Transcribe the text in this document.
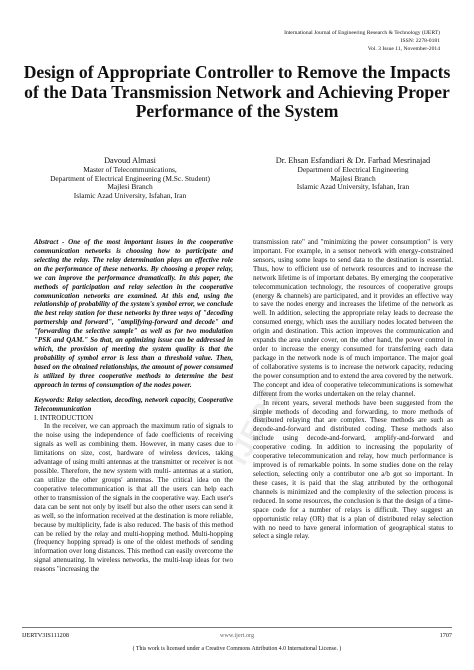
International Journal of Engineering Research & Technology (IJERT)
ISSN: 2278-0181
Vol. 3 Issue 11, November-2014
Design of Appropriate Controller to Remove the Impacts of the Data Transmission Network and Achieving Proper Performance of the System
Davoud Almasi
Master of Telecommunications,
Department of Electrical Engineering (M.Sc. Student)
Majlesi Branch
Islamic Azad University, Isfahan, Iran
Dr. Ehsan Esfandiari & Dr. Farhad Mesrinajad
Department of Electrical Engineering
Majlesi Branch
Islamic Azad University, Isfahan, Iran
IJERT

Abstract - One of the most important issues in the cooperative communication networks is choosing how to participate and selecting the relay. The relay determination plays an effective role on the performance of these networks. By choosing a proper relay, we can improve the performance dramatically. In this paper, the methods of participation and relay selection in the cooperative communication networks are examined. At this end, using the relationship of probability of the system's symbol error, we conclude the best relay station for these networks by three ways of "decoding partnership and forward", "amplifying-forward and decode" and "forwarding the selective sample" as well as for two modulation "PSK and QAM." So that, an optimizing issue can be addressed in which, the provision of meeting the system quality is that the probability of symbol error is less than a threshold value. Then, based on the obtained relationships, the amount of power consumed is utilized by three cooperative methods to determine the best approach in terms of consumption of the nodes power.

Keywords: Relay selection, decoding, network capacity, Cooperative Telecommunication

I. INTRODUCTION

In the receiver, we can approach the maximum ratio of signals to the noise using the independence of fade coefficients of receiving signals as well as combining them. However, in many cases due to limitations on size, cost, hardware of wireless devices, taking advantage of using multi antennas at the transmitter or receiver is not possible. Therefore, the new system with multi- antennas at a station, can utilize the other groups' antennas. The critical idea on the cooperative telecommunication is that all the users can help each other to transmission of the signals in the cooperative way. Each user's data can be sent not only by itself but also the other users can send it as well, so the information received at the destination is more reliable, because by multiplicity, fade is also reduced. The basis of this method can be relied by the relay and multi-hopping method. Multi-hopping (frequency hopping spread) is one of the oldest methods of sending information over long distances. This method can easily overcome the signal attenuating. In wireless networks, the multi-leap ideas for two reasons "increasing the

transmission rate" and "minimizing the power consumption" is very important. For example, in a sensor network with energy-constrained sensors, using some leaps to send data to the destination is essential. Thus, how to efficient use of network resources and to increase the network lifetime is of important debates. By emerging the cooperative telecommunication technology, the resources of cooperative groups (energy & channels) are participated, and it provides an effective way to save the nodes energy and increases the lifetime of the network as well. In addition, selecting the appropriate relay leads to decrease the consumed energy, which uses the auxiliary nodes located between the origin and destination. This action improves the communication and expands the area under cover, on the other hand, the power control in order to increase the energy consumed for transferring each data package in the network node is of much importance. The major goal of collaborative systems is to increase the network capacity, reducing the power consumption and to extend the area covered by the network. The concept and idea of cooperative telecommunications is somewhat different from the works undertaken on the relay channel.

In recent years, several methods have been suggested from the simple methods of decoding and forwarding, to more methods of distributed relaying that are complex. These methods are such as decode-and-forward and distributed coding. These methods also include using decode-and-forward, amplify-and-forward and cooperative coding. In addition to increasing the popularity of cooperative telecommunication and relay, how much performance is improved is of remarkable points. In some studies done on the relay selection, selecting only a contributor one a/b got so important. In these cases, it is paid that the slag attributed by the orthogonal channels is minimized and the complexity of the selection process is reduced. In some resources, the conclusion is that the design of a time-space code for a number of relays is difficult. They suggest an opportunistic relay (OR) that is a plan of distributed relay selection with no need to have general information of geographical status to select a single relay.

IJERTV3IS111208	www.ijert.org	1707
( This work is licensed under a Creative Commons Attribution 4.0 International License. )
